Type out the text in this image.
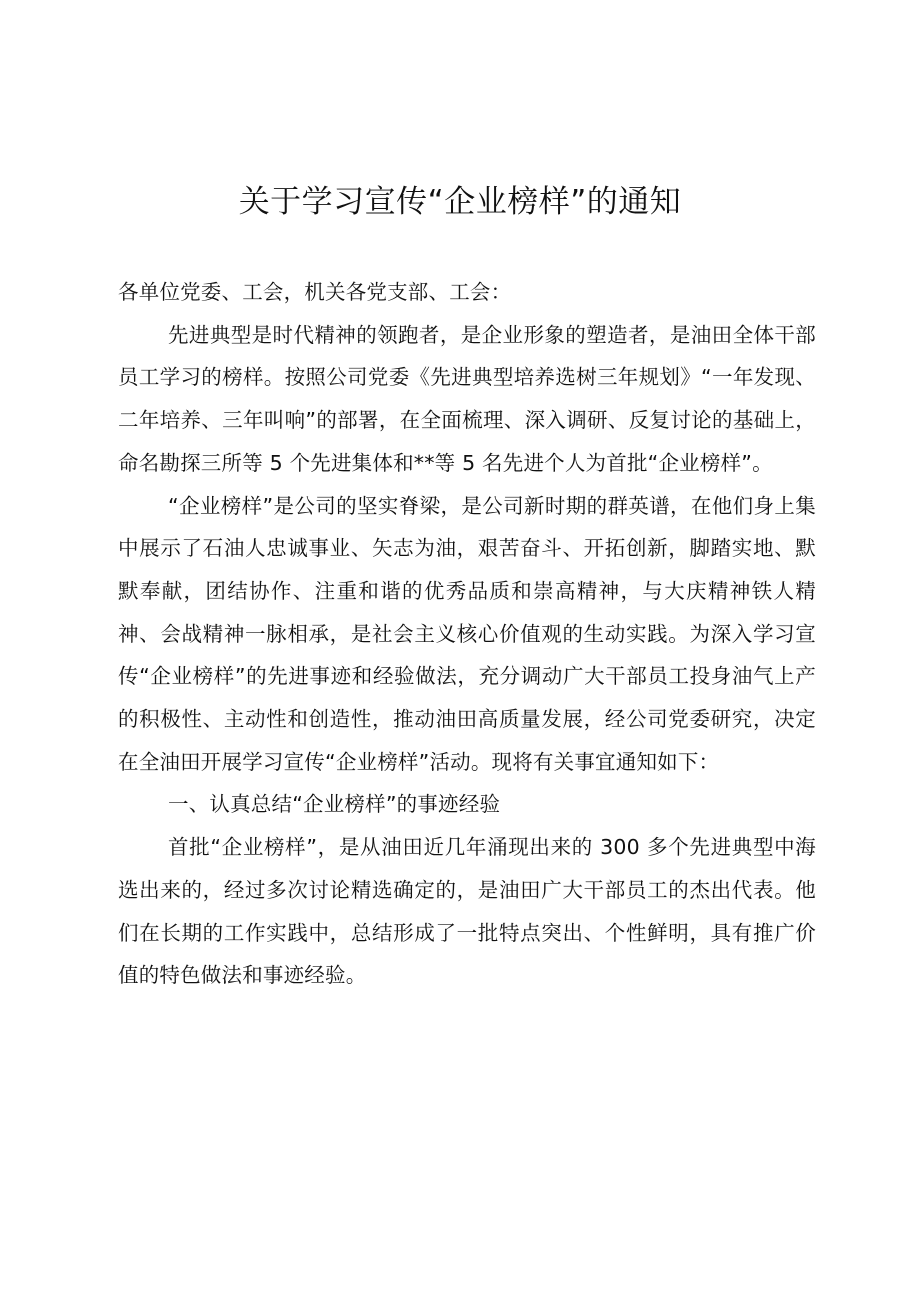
关于学习宣传“企业榜样”的通知

各单位党委、工会，机关各党支部、工会：

先进典型是时代精神的领跑者，是企业形象的塑造者，是油田全体干部员工学习的榜样。按照公司党委《先进典型培养选树三年规划》“一年发现、二年培养、三年叫响”的部署，在全面梳理、深入调研、反复讨论的基础上，命名勘探三所等 5 个先进集体和**等 5 名先进个人为首批“企业榜样”。

“企业榜样”是公司的坚实脊梁，是公司新时期的群英谱，在他们身上集中展示了石油人忠诚事业、矢志为油，艰苦奋斗、开拓创新，脚踏实地、默默奉献，团结协作、注重和谐的优秀品质和崇高精神，与大庆精神铁人精神、会战精神一脉相承，是社会主义核心价值观的生动实践。为深入学习宣传“企业榜样”的先进事迹和经验做法，充分调动广大干部员工投身油气上产的积极性、主动性和创造性，推动油田高质量发展，经公司党委研究，决定在全油田开展学习宣传“企业榜样”活动。现将有关事宜通知如下：

一、认真总结“企业榜样”的事迹经验

首批“企业榜样”，是从油田近几年涌现出来的 300 多个先进典型中海选出来的，经过多次讨论精选确定的，是油田广大干部员工的杰出代表。他们在长期的工作实践中，总结形成了一批特点突出、个性鲜明，具有推广价值的特色做法和事迹经验。
